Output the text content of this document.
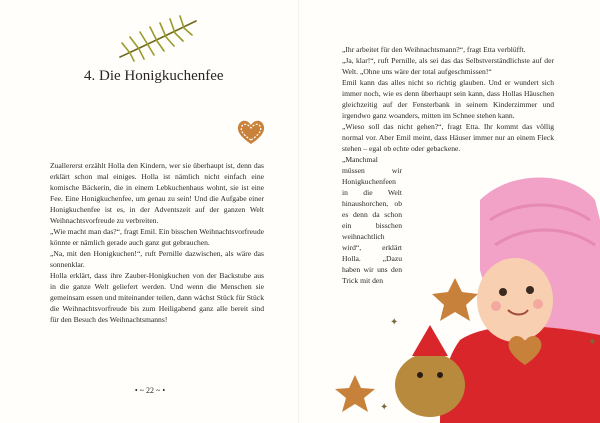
4. Die Honigkuchenfee

Zuallererst erzählt Holla den Kindern, wer sie überhaupt ist, denn das erklärt schon mal einiges. Holla ist nämlich nicht einfach eine komische Bäckerin, die in einem Lebkuchenhaus wohnt, sie ist eine Fee. Eine Honigkuchenfee, um genau zu sein! Und die Aufgabe einer Honigkuchenfee ist es, in der Adventszeit auf der ganzen Welt Weihnachtsvorfreude zu verbreiten.

„Wie macht man das?“, fragt Emil. Ein bisschen Weihnachtsvorfreude könnte er nämlich gerade auch ganz gut gebrauchen.

„Na, mit den Honigkuchen!“, ruft Pernille dazwischen, als wäre das sonnenklar.

Holla erklärt, dass ihre Zauber-Honigkuchen von der Backstube aus in die ganze Welt geliefert werden. Und wenn die Menschen sie gemeinsam essen und miteinander teilen, dann wächst Stück für Stück die Weihnachtsvorfreude bis zum Heiligabend ganz alle bereit sind für den Besuch des Weihnachtsmanns!

• ~ 22 ~ •

„Ihr arbeitet für den Weihnachtsmann?“, fragt Etta verblüfft.

„Ja, klar!“, ruft Pernille, als sei das das Selbstverständlichste auf der Welt. „Ohne uns wäre der total aufgeschmissen!“

Emil kann das alles nicht so richtig glauben. Und er wundert sich immer noch, wie es denn überhaupt sein kann, dass Hollas Häuschen gleichzeitig auf der Fensterbank in seinem Kinderzimmer und irgendwo ganz woanders, mitten im Schnee stehen kann.

„Wieso soll das nicht gehen?“, fragt Etta. Ihr kommt das völlig normal vor. Aber Emil meint, dass Häuser immer nur an einem Fleck stehen – egal ob echte oder gebackene.

„Manchmal müssen wir Honigkuchenfeen in die Welt hinaushorchen, ob es denn da schon ein bisschen weihnachtlich wird“, erklärt Holla. „Dazu haben wir uns den Trick mit den

✦
✦
✦
